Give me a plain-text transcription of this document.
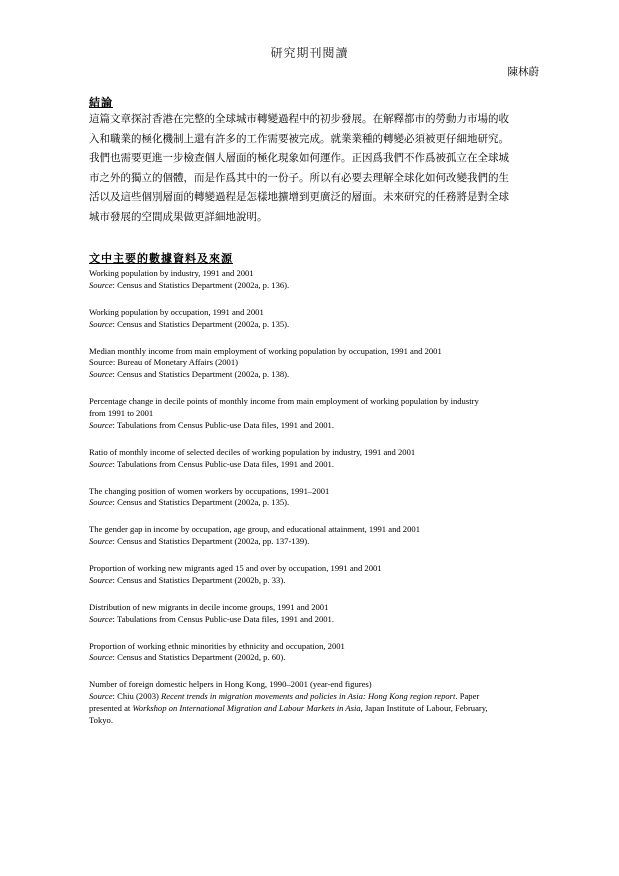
研究期刊閱讀
陳林蔚
結論
這篇文章探討香港在完整的全球城市轉變過程中的初步發展。在解釋都市的勞動力市場的收
入和職業的極化機制上還有許多的工作需要被完成。就業業種的轉變必須被更仔細地研究。
我們也需要更進一步檢查個人層面的極化現象如何運作。正因爲我們不作爲被孤立在全球城
市之外的獨立的個體，而是作爲其中的一份子。所以有必要去理解全球化如何改變我們的生
活以及這些個別層面的轉變過程是怎樣地擴增到更廣泛的層面。未來研究的任務將是對全球
城市發展的空間成果做更詳細地說明。
文中主要的數據資料及來源
Working population by industry, 1991 and 2001
Source: Census and Statistics Department (2002a, p. 136).
Working population by occupation, 1991 and 2001
Source: Census and Statistics Department (2002a, p. 135).
Median monthly income from main employment of working population by occupation, 1991 and 2001
Source: Bureau of Monetary Affairs (2001)
Source: Census and Statistics Department (2002a, p. 138).
Percentage change in decile points of monthly income from main employment of working population by industry
from 1991 to 2001
Source: Tabulations from Census Public-use Data files, 1991 and 2001.
Ratio of monthly income of selected deciles of working population by industry, 1991 and 2001
Source: Tabulations from Census Public-use Data files, 1991 and 2001.
The changing position of women workers by occupations, 1991–2001
Source: Census and Statistics Department (2002a, p. 135).
The gender gap in income by occupation, age group, and educational attainment, 1991 and 2001
Source: Census and Statistics Department (2002a, pp. 137-139).
Proportion of working new migrants aged 15 and over by occupation, 1991 and 2001
Source: Census and Statistics Department (2002b, p. 33).
Distribution of new migrants in decile income groups, 1991 and 2001
Source: Tabulations from Census Public-use Data files, 1991 and 2001.
Proportion of working ethnic minorities by ethnicity and occupation, 2001
Source: Census and Statistics Department (2002d, p. 60).
Number of foreign domestic helpers in Hong Kong, 1990–2001 (year-end figures)
Source: Chiu (2003) Recent trends in migration movements and policies in Asia: Hong Kong region report. Paper
presented at Workshop on International Migration and Labour Markets in Asia, Japan Institute of Labour, February,
Tokyo.
